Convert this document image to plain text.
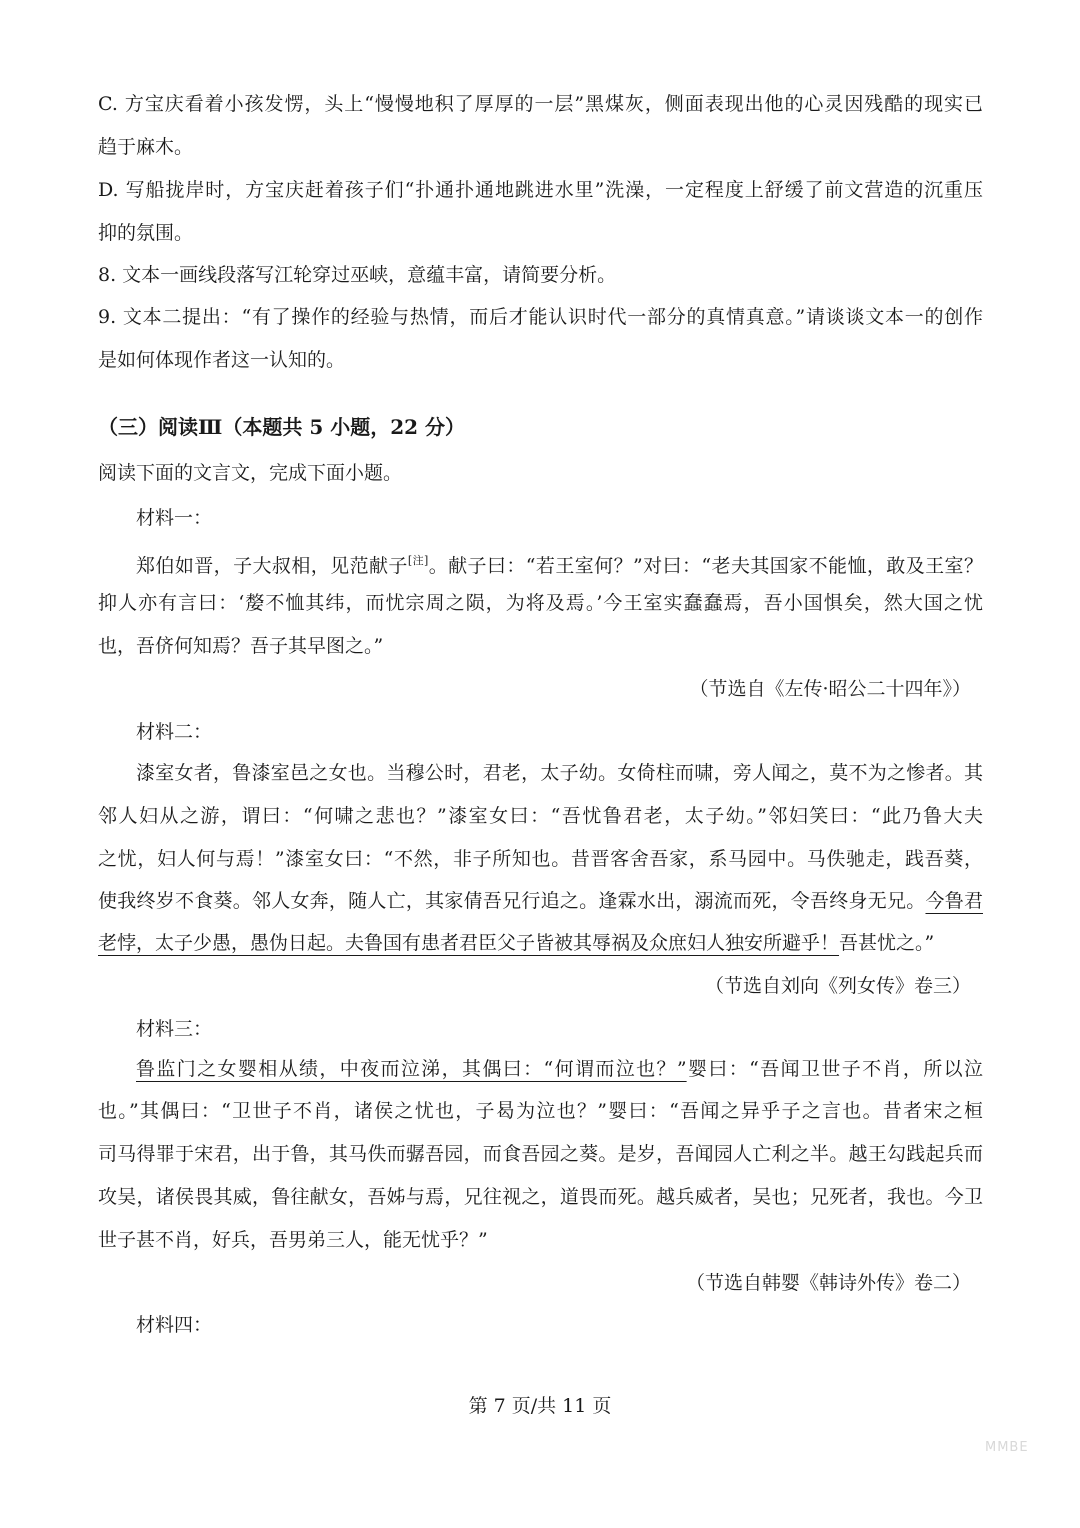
C. 方宝庆看着小孩发愣，头上“慢慢地积了厚厚的一层”黑煤灰，侧面表现出他的心灵因残酷的现实已
趋于麻木。
D. 写船拢岸时，方宝庆赶着孩子们“扑通扑通地跳进水里”洗澡，一定程度上舒缓了前文营造的沉重压
抑的氛围。
8. 文本一画线段落写江轮穿过巫峡，意蕴丰富，请简要分析。
9. 文本二提出：“有了操作的经验与热情，而后才能认识时代一部分的真情真意。”请谈谈文本一的创作
是如何体现作者这一认知的。
（三）阅读Ⅲ（本题共 5 小题，22 分）
阅读下面的文言文，完成下面小题。
材料一：
郑伯如晋，子大叔相，见范献子[注]。献子曰：“若王室何？”对曰：“老夫其国家不能恤，敢及王室？
抑人亦有言曰：‘嫠不恤其纬，而忧宗周之陨，为将及焉。’今王室实蠢蠢焉，吾小国惧矣，然大国之忧
也，吾侪何知焉？吾子其早图之。”
（节选自《左传·昭公二十四年》）
材料二：
漆室女者，鲁漆室邑之女也。当穆公时，君老，太子幼。女倚柱而啸，旁人闻之，莫不为之惨者。其
邻人妇从之游，谓曰：“何啸之悲也？”漆室女曰：“吾忧鲁君老，太子幼。”邻妇笑曰：“此乃鲁大夫
之忧，妇人何与焉！”漆室女曰：“不然，非子所知也。昔晋客舍吾家，系马园中。马佚驰走，践吾葵，
使我终岁不食葵。邻人女奔，随人亡，其家倩吾兄行追之。逢霖水出，溺流而死，令吾终身无兄。今鲁君
老悖，太子少愚，愚伪日起。夫鲁国有患者君臣父子皆被其辱祸及众庶妇人独安所避乎！吾甚忧之。”
（节选自刘向《列女传》卷三）
材料三：
鲁监门之女婴相从绩，中夜而泣涕，其偶曰：“何谓而泣也？”婴曰：“吾闻卫世子不肖，所以泣
也。”其偶曰：“卫世子不肖，诸侯之忧也，子曷为泣也？”婴曰：“吾闻之异乎子之言也。昔者宋之桓
司马得罪于宋君，出于鲁，其马佚而骣吾园，而食吾园之葵。是岁，吾闻园人亡利之半。越王勾践起兵而
攻吴，诸侯畏其威，鲁往献女，吾姊与焉，兄往视之，道畏而死。越兵威者，吴也；兄死者，我也。今卫
世子甚不肖，好兵，吾男弟三人，能无忧乎？”
（节选自韩婴《韩诗外传》卷二）
材料四：
第 7 页/共 11 页
MMBE
